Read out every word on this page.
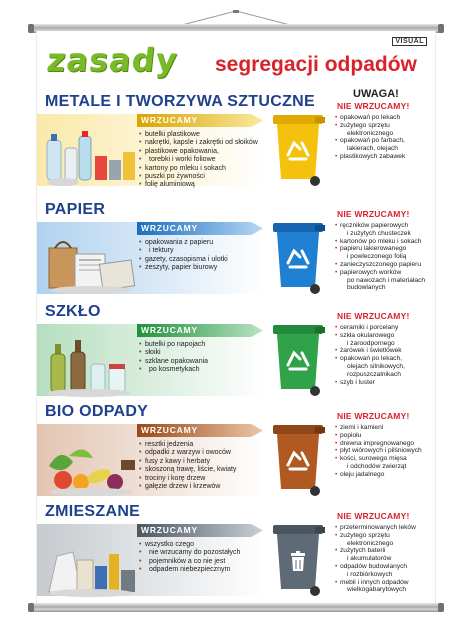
zasady segregacji odpadów
VISUAL
UWAGA!
METALE I TWORZYWA SZTUCZNE
WRZUCAMY
• butelki plastikowe
• nakrętki, kapsle i zakrętki od słoików
• plastikowe opakowania,
• torebki i worki foliowe
• kartony po mleku i sokach
• puszki po żywności
• folię aluminiową
NIE WRZUCAMY!
• opakowań po lekach
• zużytego sprzętu
elektronicznego
• opakowań po farbach,
lakierach, olejach
• plastikowych zabawek
PAPIER
WRZUCAMY
• opakowania z papieru
• i tektury
• gazety, czasopisma i ulotki
• zeszyty, papier biurowy
NIE WRZUCAMY!
• ręczników papierowych
i zużytych chusteczek
• kartonów po mleku i sokach
• papieru lakierowanego
i powleczonego folią
• zanieczyszczonego papieru
• papierowych worków
po nawozach i materiałach
budowlanych
SZKŁO
WRZUCAMY
• butelki po napojach
• słoiki
• szklane opakowania
• po kosmetykach
NIE WRZUCAMY!
• ceramiki i porcelany
• szkła okularowego
i żaroodpornego
• żarówek i świetlówek
• opakowań po lekach,
olejach silnikowych,
rozpuszczalnikach
• szyb i luster
BIO ODPADY
WRZUCAMY
• resztki jedzenia
• odpadki z warzyw i owoców
• fusy z kawy i herbaty
• skoszoną trawę, liście, kwiaty
• trociny i korę drzew
• gałęzie drzew i krzewów
NIE WRZUCAMY!
• ziemi i kamieni
• popiołu
• drewna impregnowanego
• płyt wiórowych i pilśniowych
• kości, surowego mięsa
i odchodów zwierząt
• oleju jadalnego
ZMIESZANE
WRZUCAMY
• wszystko czego
• nie wrzucamy do pozostałych
• pojemników a co nie jest
• odpadem niebezpiecznym
NIE WRZUCAMY!
• przeterminowanych leków
• zużytego sprzętu
elektronicznego
• zużytych baterii
i akumulatorów
• odpadów budowlanych
i rozbiórkowych
• mebli i innych odpadów
wielkogabarytowych
